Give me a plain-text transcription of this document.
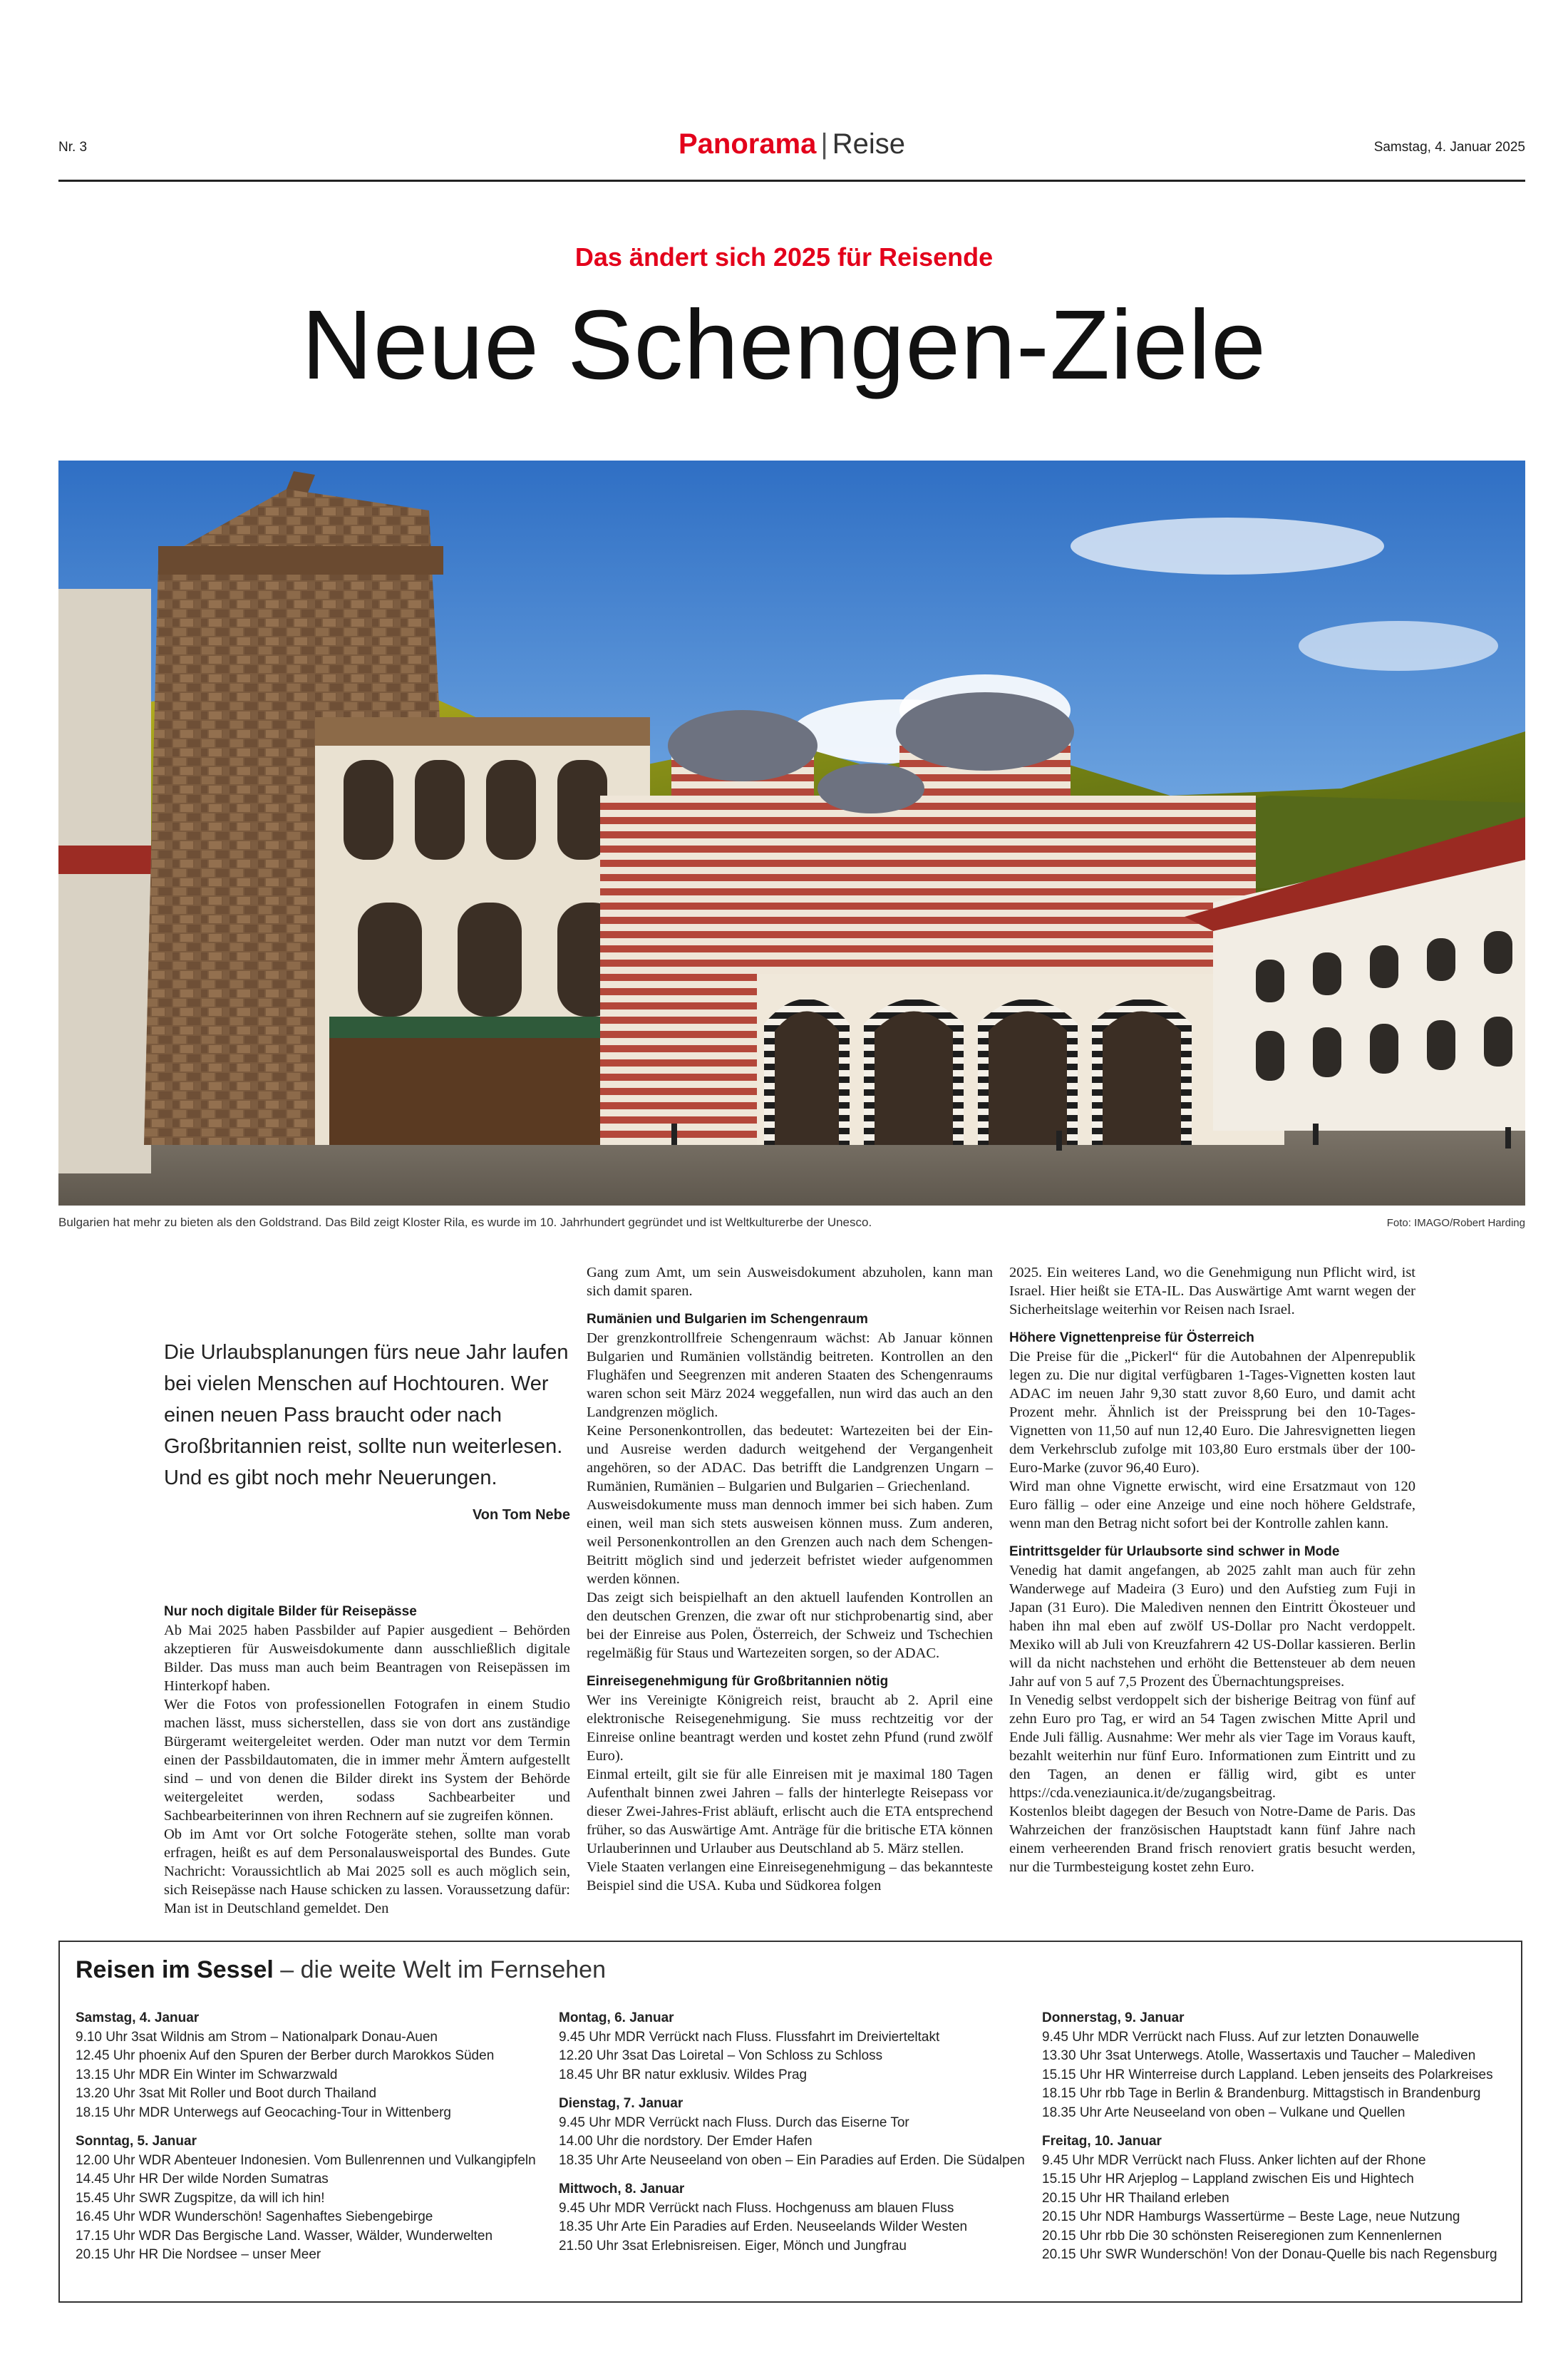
Nr. 3	Panorama | Reise	Samstag, 4. Januar 2025
Das ändert sich 2025 für Reisende
Neue Schengen-Ziele
Bulgarien hat mehr zu bieten als den Goldstrand. Das Bild zeigt Kloster Rila, es wurde im 10. Jahrhundert gegründet und ist Weltkulturerbe der Unesco.	Foto: IMAGO/Robert Harding
Die Urlaubsplanungen fürs neue Jahr laufen bei vielen Menschen auf Hochtouren. Wer einen neuen Pass braucht oder nach Großbritannien reist, sollte nun weiterlesen. Und es gibt noch mehr Neuerungen.
Von Tom Nebe
Nur noch digitale Bilder für Reisepässe

Ab Mai 2025 haben Passbilder auf Papier ausgedient – Behörden akzeptieren für Ausweisdokumente dann ausschließlich digitale Bilder. Das muss man auch beim Beantragen von Reisepässen im Hinterkopf haben.

Wer die Fotos von professionellen Fotografen in einem Studio machen lässt, muss sicherstellen, dass sie von dort ans zuständige Bürgeramt weitergeleitet werden. Oder man nutzt vor dem Termin einen der Passbildautomaten, die in immer mehr Ämtern aufgestellt sind – und von denen die Bilder direkt ins System der Behörde weitergeleitet werden, sodass Sachbearbeiter und Sachbearbeiterinnen von ihren Rechnern auf sie zugreifen können.

Ob im Amt vor Ort solche Fotogeräte stehen, sollte man vorab erfragen, heißt es auf dem Personalausweisportal des Bundes. Gute Nachricht: Voraussichtlich ab Mai 2025 soll es auch möglich sein, sich Reisepässe nach Hause schicken zu lassen. Voraussetzung dafür: Man ist in Deutschland gemeldet. Den

Gang zum Amt, um sein Ausweisdokument abzuholen, kann man sich damit sparen.

Rumänien und Bulgarien im Schengenraum

Der grenzkontrollfreie Schengenraum wächst: Ab Januar können Bulgarien und Rumänien vollständig beitreten. Kontrollen an den Flughäfen und Seegrenzen mit anderen Staaten des Schengenraums waren schon seit März 2024 weggefallen, nun wird das auch an den Landgrenzen möglich.

Keine Personenkontrollen, das bedeutet: Wartezeiten bei der Ein- und Ausreise werden dadurch weitgehend der Vergangenheit angehören, so der ADAC. Das betrifft die Landgrenzen Ungarn – Rumänien, Rumänien – Bulgarien und Bulgarien – Griechenland.

Ausweisdokumente muss man dennoch immer bei sich haben. Zum einen, weil man sich stets ausweisen können muss. Zum anderen, weil Personenkontrollen an den Grenzen auch nach dem Schengen-Beitritt möglich sind und jederzeit befristet wieder aufgenommen werden können.

Das zeigt sich beispielhaft an den aktuell laufenden Kontrollen an den deutschen Grenzen, die zwar oft nur stichprobenartig sind, aber bei der Einreise aus Polen, Österreich, der Schweiz und Tschechien regelmäßig für Staus und Wartezeiten sorgen, so der ADAC.

Einreisegenehmigung für Großbritannien nötig

Wer ins Vereinigte Königreich reist, braucht ab 2. April eine elektronische Reisegenehmigung. Sie muss rechtzeitig vor der Einreise online beantragt werden und kostet zehn Pfund (rund zwölf Euro).

Einmal erteilt, gilt sie für alle Einreisen mit je maximal 180 Tagen Aufenthalt binnen zwei Jahren – falls der hinterlegte Reisepass vor dieser Zwei-Jahres-Frist abläuft, erlischt auch die ETA entsprechend früher, so das Auswärtige Amt. Anträge für die britische ETA können Urlauberinnen und Urlauber aus Deutschland ab 5. März stellen.

Viele Staaten verlangen eine Einreisegenehmigung – das bekannteste Beispiel sind die USA. Kuba und Südkorea folgen

2025. Ein weiteres Land, wo die Genehmigung nun Pflicht wird, ist Israel. Hier heißt sie ETA-IL. Das Auswärtige Amt warnt wegen der Sicherheitslage weiterhin vor Reisen nach Israel.

Höhere Vignettenpreise für Österreich

Die Preise für die „Pickerl“ für die Autobahnen der Alpenrepublik legen zu. Die nur digital verfügbaren 1-Tages-Vignetten kosten laut ADAC im neuen Jahr 9,30 statt zuvor 8,60 Euro, und damit acht Prozent mehr. Ähnlich ist der Preissprung bei den 10-Tages-Vignetten von 11,50 auf nun 12,40 Euro. Die Jahresvignetten liegen dem Verkehrsclub zufolge mit 103,80 Euro erstmals über der 100-Euro-Marke (zuvor 96,40 Euro).

Wird man ohne Vignette erwischt, wird eine Ersatzmaut von 120 Euro fällig – oder eine Anzeige und eine noch höhere Geldstrafe, wenn man den Betrag nicht sofort bei der Kontrolle zahlen kann.

Eintrittsgelder für Urlaubsorte sind schwer in Mode

Venedig hat damit angefangen, ab 2025 zahlt man auch für zehn Wanderwege auf Madeira (3 Euro) und den Aufstieg zum Fuji in Japan (31 Euro). Die Malediven nennen den Eintritt Ökosteuer und haben ihn mal eben auf zwölf US-Dollar pro Nacht verdoppelt. Mexiko will ab Juli von Kreuzfahrern 42 US-Dollar kassieren. Berlin will da nicht nachstehen und erhöht die Bettensteuer ab dem neuen Jahr auf von 5 auf 7,5 Prozent des Übernachtungspreises.

In Venedig selbst verdoppelt sich der bisherige Beitrag von fünf auf zehn Euro pro Tag, er wird an 54 Tagen zwischen Mitte April und Ende Juli fällig. Ausnahme: Wer mehr als vier Tage im Voraus kauft, bezahlt weiterhin nur fünf Euro. Informationen zum Eintritt und zu den Tagen, an denen er fällig wird, gibt es unter https://cda.veneziaunica.it/de/zugangsbeitrag.

Kostenlos bleibt dagegen der Besuch von Notre-Dame de Paris. Das Wahrzeichen der französischen Hauptstadt kann fünf Jahre nach einem verheerenden Brand frisch renoviert gratis besucht werden, nur die Turmbesteigung kostet zehn Euro.

Reisen im Sessel – die weite Welt im Fernsehen
Samstag, 4. Januar
9.10 Uhr 3sat Wildnis am Strom – Nationalpark Donau-Auen
12.45 Uhr phoenix Auf den Spuren der Berber durch Marokkos Süden
13.15 Uhr MDR Ein Winter im Schwarzwald
13.20 Uhr 3sat Mit Roller und Boot durch Thailand
18.15 Uhr MDR Unterwegs auf Geocaching-Tour in Wittenberg
Sonntag, 5. Januar
12.00 Uhr WDR Abenteuer Indonesien. Vom Bullenrennen und Vulkangipfeln
14.45 Uhr HR Der wilde Norden Sumatras
15.45 Uhr SWR Zugspitze, da will ich hin!
16.45 Uhr WDR Wunderschön! Sagenhaftes Siebengebirge
17.15 Uhr WDR Das Bergische Land. Wasser, Wälder, Wunderwelten
20.15 Uhr HR Die Nordsee – unser Meer
Montag, 6. Januar
9.45 Uhr MDR Verrückt nach Fluss. Flussfahrt im Dreivierteltakt
12.20 Uhr 3sat Das Loiretal – Von Schloss zu Schloss
18.45 Uhr BR natur exklusiv. Wildes Prag
Dienstag, 7. Januar
9.45 Uhr MDR Verrückt nach Fluss. Durch das Eiserne Tor
14.00 Uhr die nordstory. Der Emder Hafen
18.35 Uhr Arte Neuseeland von oben – Ein Paradies auf Erden. Die Südalpen
Mittwoch, 8. Januar
9.45 Uhr MDR Verrückt nach Fluss. Hochgenuss am blauen Fluss
18.35 Uhr Arte Ein Paradies auf Erden. Neuseelands Wilder Westen
21.50 Uhr 3sat Erlebnisreisen. Eiger, Mönch und Jungfrau
Donnerstag, 9. Januar
9.45 Uhr MDR Verrückt nach Fluss. Auf zur letzten Donauwelle
13.30 Uhr 3sat Unterwegs. Atolle, Wassertaxis und Taucher – Malediven
15.15 Uhr HR Winterreise durch Lappland. Leben jenseits des Polarkreises
18.15 Uhr rbb Tage in Berlin & Brandenburg. Mittagstisch in Brandenburg
18.35 Uhr Arte Neuseeland von oben – Vulkane und Quellen
Freitag, 10. Januar
9.45 Uhr MDR Verrückt nach Fluss. Anker lichten auf der Rhone
15.15 Uhr HR Arjeplog – Lappland zwischen Eis und Hightech
20.15 Uhr HR Thailand erleben
20.15 Uhr NDR Hamburgs Wassertürme – Beste Lage, neue Nutzung
20.15 Uhr rbb Die 30 schönsten Reiseregionen zum Kennenlernen
20.15 Uhr SWR Wunderschön! Von der Donau-Quelle bis nach Regensburg
